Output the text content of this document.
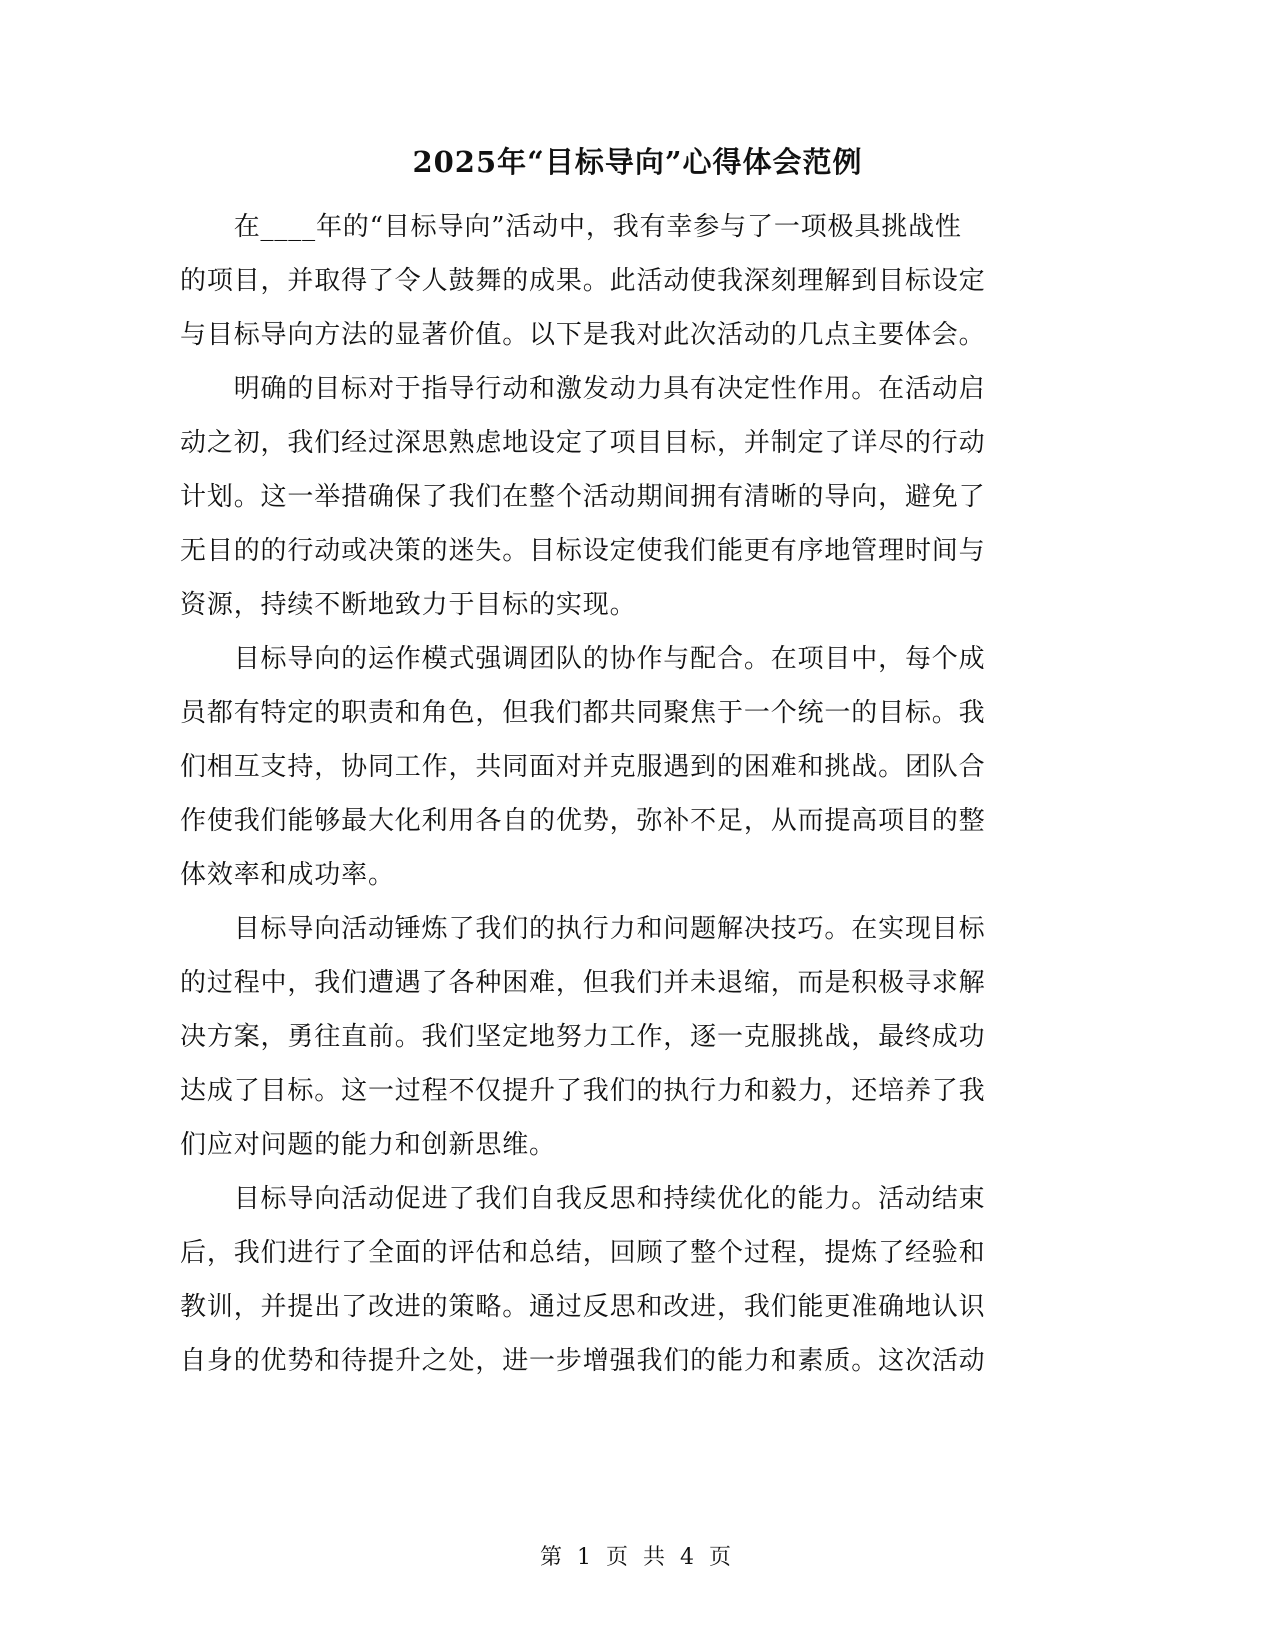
2025年“目标导向”心得体会范例
　　在____年的“目标导向”活动中，我有幸参与了一项极具挑战性
的项目，并取得了令人鼓舞的成果。此活动使我深刻理解到目标设定
与目标导向方法的显著价值。以下是我对此次活动的几点主要体会。
　　明确的目标对于指导行动和激发动力具有决定性作用。在活动启
动之初，我们经过深思熟虑地设定了项目目标，并制定了详尽的行动
计划。这一举措确保了我们在整个活动期间拥有清晰的导向，避免了
无目的的行动或决策的迷失。目标设定使我们能更有序地管理时间与
资源，持续不断地致力于目标的实现。
　　目标导向的运作模式强调团队的协作与配合。在项目中，每个成
员都有特定的职责和角色，但我们都共同聚焦于一个统一的目标。我
们相互支持，协同工作，共同面对并克服遇到的困难和挑战。团队合
作使我们能够最大化利用各自的优势，弥补不足，从而提高项目的整
体效率和成功率。
　　目标导向活动锤炼了我们的执行力和问题解决技巧。在实现目标
的过程中，我们遭遇了各种困难，但我们并未退缩，而是积极寻求解
决方案，勇往直前。我们坚定地努力工作，逐一克服挑战，最终成功
达成了目标。这一过程不仅提升了我们的执行力和毅力，还培养了我
们应对问题的能力和创新思维。
　　目标导向活动促进了我们自我反思和持续优化的能力。活动结束
后，我们进行了全面的评估和总结，回顾了整个过程，提炼了经验和
教训，并提出了改进的策略。通过反思和改进，我们能更准确地认识
自身的优势和待提升之处，进一步增强我们的能力和素质。这次活动
第 1 页 共 4 页
